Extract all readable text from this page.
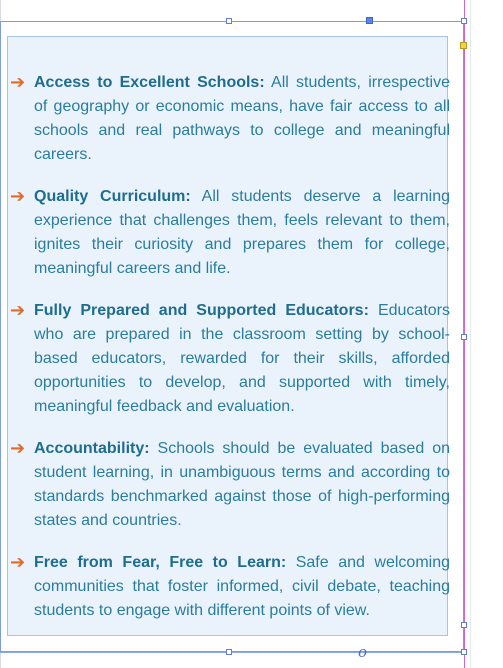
o
➔ Access to Excellent Schools: All students, irrespective of geography or economic means, have fair access to all schools and real pathways to college and meaningful careers.
➔ Quality Curriculum: All students deserve a learning experience that challenges them, feels relevant to them, ignites their curiosity and prepares them for college, meaningful careers and life.
➔ Fully Prepared and Supported Educators: Educators who are prepared in the classroom setting by school-based educators, rewarded for their skills, afforded opportunities to develop, and supported with timely, meaningful feedback and evaluation.
➔ Accountability: Schools should be evaluated based on student learning, in unambiguous terms and according to standards benchmarked against those of high-performing states and countries.
➔ Free from Fear, Free to Learn: Safe and welcoming communities that foster informed, civil debate, teaching students to engage with different points of view.
